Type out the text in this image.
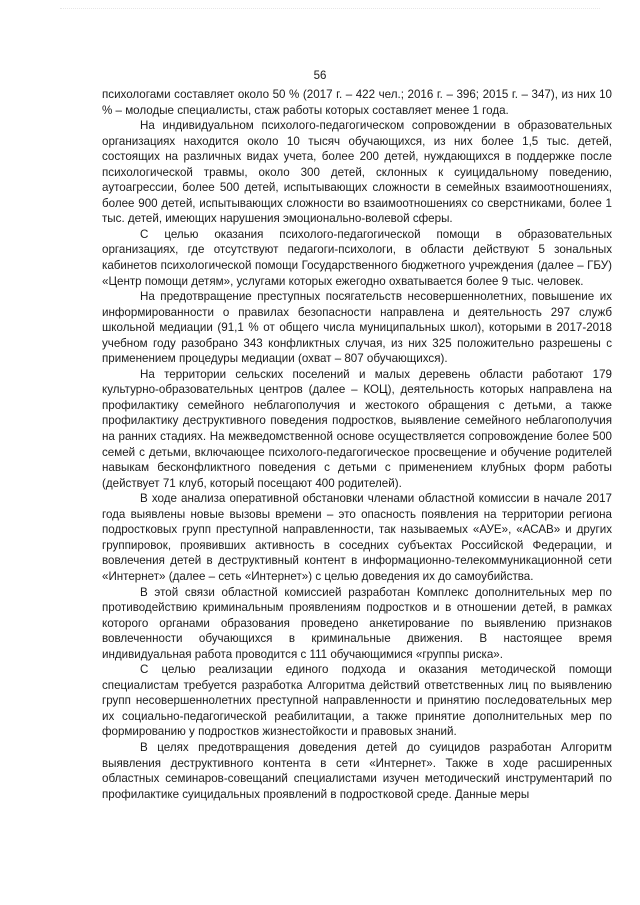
56

психологами составляет около 50 % (2017 г. – 422 чел.; 2016 г. – 396; 2015 г. – 347), из них 10 % – молодые специалисты, стаж работы которых составляет менее 1 года.

На индивидуальном психолого-педагогическом сопровождении в образовательных организациях находится около 10 тысяч обучающихся, из них более 1,5 тыс. детей, состоящих на различных видах учета, более 200 детей, нуждающихся в поддержке после психологической травмы, около 300 детей, склонных к суицидальному поведению, аутоагрессии, более 500 детей, испытывающих сложности в семейных взаимоотношениях, более 900 детей, испытывающих сложности во взаимоотношениях со сверстниками, более 1 тыс. детей, имеющих нарушения эмоционально-волевой сферы.

С целью оказания психолого-педагогической помощи в образовательных организациях, где отсутствуют педагоги-психологи, в области действуют 5 зональных кабинетов психологической помощи Государственного бюджетного учреждения (далее – ГБУ) «Центр помощи детям», услугами которых ежегодно охватывается более 9 тыс. человек.

На предотвращение преступных посягательств несовершеннолетних, повышение их информированности о правилах безопасности направлена и деятельность 297 служб школьной медиации (91,1 % от общего числа муниципальных школ), которыми в 2017-2018 учебном году разобрано 343 конфликтных случая, из них 325 положительно разрешены с применением процедуры медиации (охват – 807 обучающихся).

На территории сельских поселений и малых деревень области работают 179 культурно-образовательных центров (далее – КОЦ), деятельность которых направлена на профилактику семейного неблагополучия и жестокого обращения с детьми, а также профилактику деструктивного поведения подростков, выявление семейного неблагополучия на ранних стадиях. На межведомственной основе осуществляется сопровождение более 500 семей с детьми, включающее психолого-педагогическое просвещение и обучение родителей навыкам бесконфликтного поведения с детьми с применением клубных форм работы (действует 71 клуб, который посещают 400 родителей).

В ходе анализа оперативной обстановки членами областной комиссии в начале 2017 года выявлены новые вызовы времени – это опасность появления на территории региона подростковых групп преступной направленности, так называемых «АУЕ», «АСАВ» и других группировок, проявивших активность в соседних субъектах Российской Федерации, и вовлечения детей в деструктивный контент в информационно-телекоммуникационной сети «Интернет» (далее – сеть «Интернет») с целью доведения их до самоубийства.

В этой связи областной комиссией разработан Комплекс дополнительных мер по противодействию криминальным проявлениям подростков и в отношении детей, в рамках которого органами образования проведено анкетирование по выявлению признаков вовлеченности обучающихся в криминальные движения. В настоящее время индивидуальная работа проводится с 111 обучающимися «группы риска».

С целью реализации единого подхода и оказания методической помощи специалистам требуется разработка Алгоритма действий ответственных лиц по выявлению групп несовершеннолетних преступной направленности и принятию последовательных мер их социально-педагогической реабилитации, а также принятие дополнительных мер по формированию у подростков жизнестойкости и правовых знаний.

В целях предотвращения доведения детей до суицидов разработан Алгоритм выявления деструктивного контента в сети «Интернет». Также в ходе расширенных областных семинаров-совещаний специалистами изучен методический инструментарий по профилактике суицидальных проявлений в подростковой среде. Данные меры
